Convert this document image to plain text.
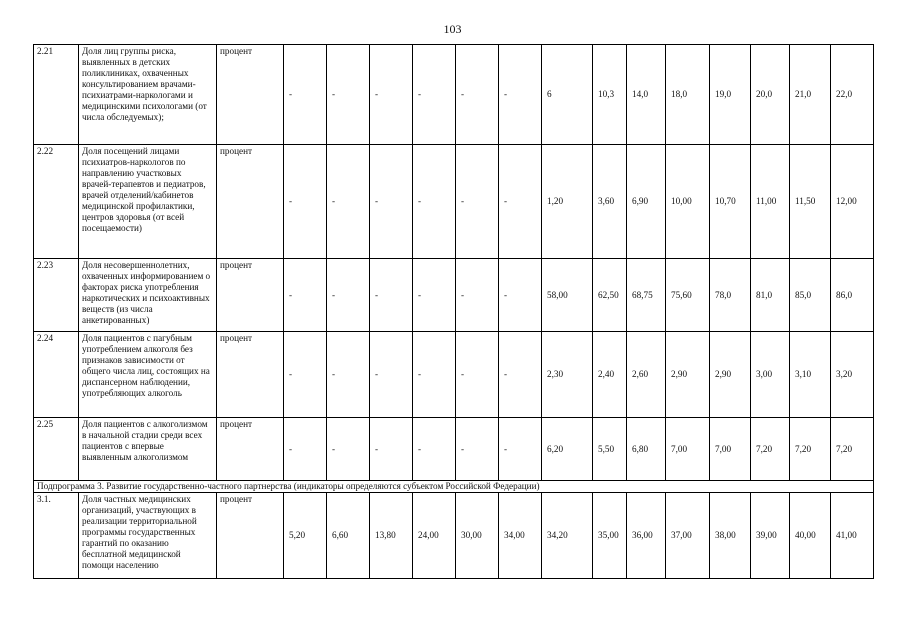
103
2.21	Доля лиц группы риска, выявленных в детских поликлиниках, охваченных консультированием врачами-психиатрами-наркологами и медицинскими психологами (от числа обследуемых);	процент	-	-	-	-	-	-	6	10,3	14,0	18,0	19,0	20,0	21,0	22,0
2.22	Доля посещений лицами психиатров-наркологов по направлению участковых врачей-терапевтов и педиатров, врачей отделений/кабинетов медицинской профилактики, центров здоровья (от всей посещаемости)	процент	-	-	-	-	-	-	1,20	3,60	6,90	10,00	10,70	11,00	11,50	12,00
2.23	Доля несовершеннолетних, охваченных информированием о факторах риска употребления наркотических и психоактивных веществ (из числа анкетированных)	процент	-	-	-	-	-	-	58,00	62,50	68,75	75,60	78,0	81,0	85,0	86,0
2.24	Доля пациентов с пагубным употреблением алкоголя без признаков зависимости от общего числа лиц, состоящих на диспансерном наблюдении, употребляющих алкоголь	процент	-	-	-	-	-	-	2,30	2,40	2,60	2,90	2,90	3,00	3,10	3,20
2.25	Доля пациентов с алкоголизмом в начальной стадии среди всех пациентов с впервые выявленным алкоголизмом	процент	-	-	-	-	-	-	6,20	5,50	6,80	7,00	7,00	7,20	7,20	7,20
Подпрограмма 3. Развитие государственно-частного партнерства (индикаторы определяются субъектом Российской Федерации)																
3.1.	Доля частных медицинских организаций, участвующих в реализации территориальной программы государственных гарантий по оказанию бесплатной медицинской помощи населению	процент	5,20	6,60	13,80	24,00	30,00	34,00	34,20	35,00	36,00	37,00	38,00	39,00	40,00	41,00
